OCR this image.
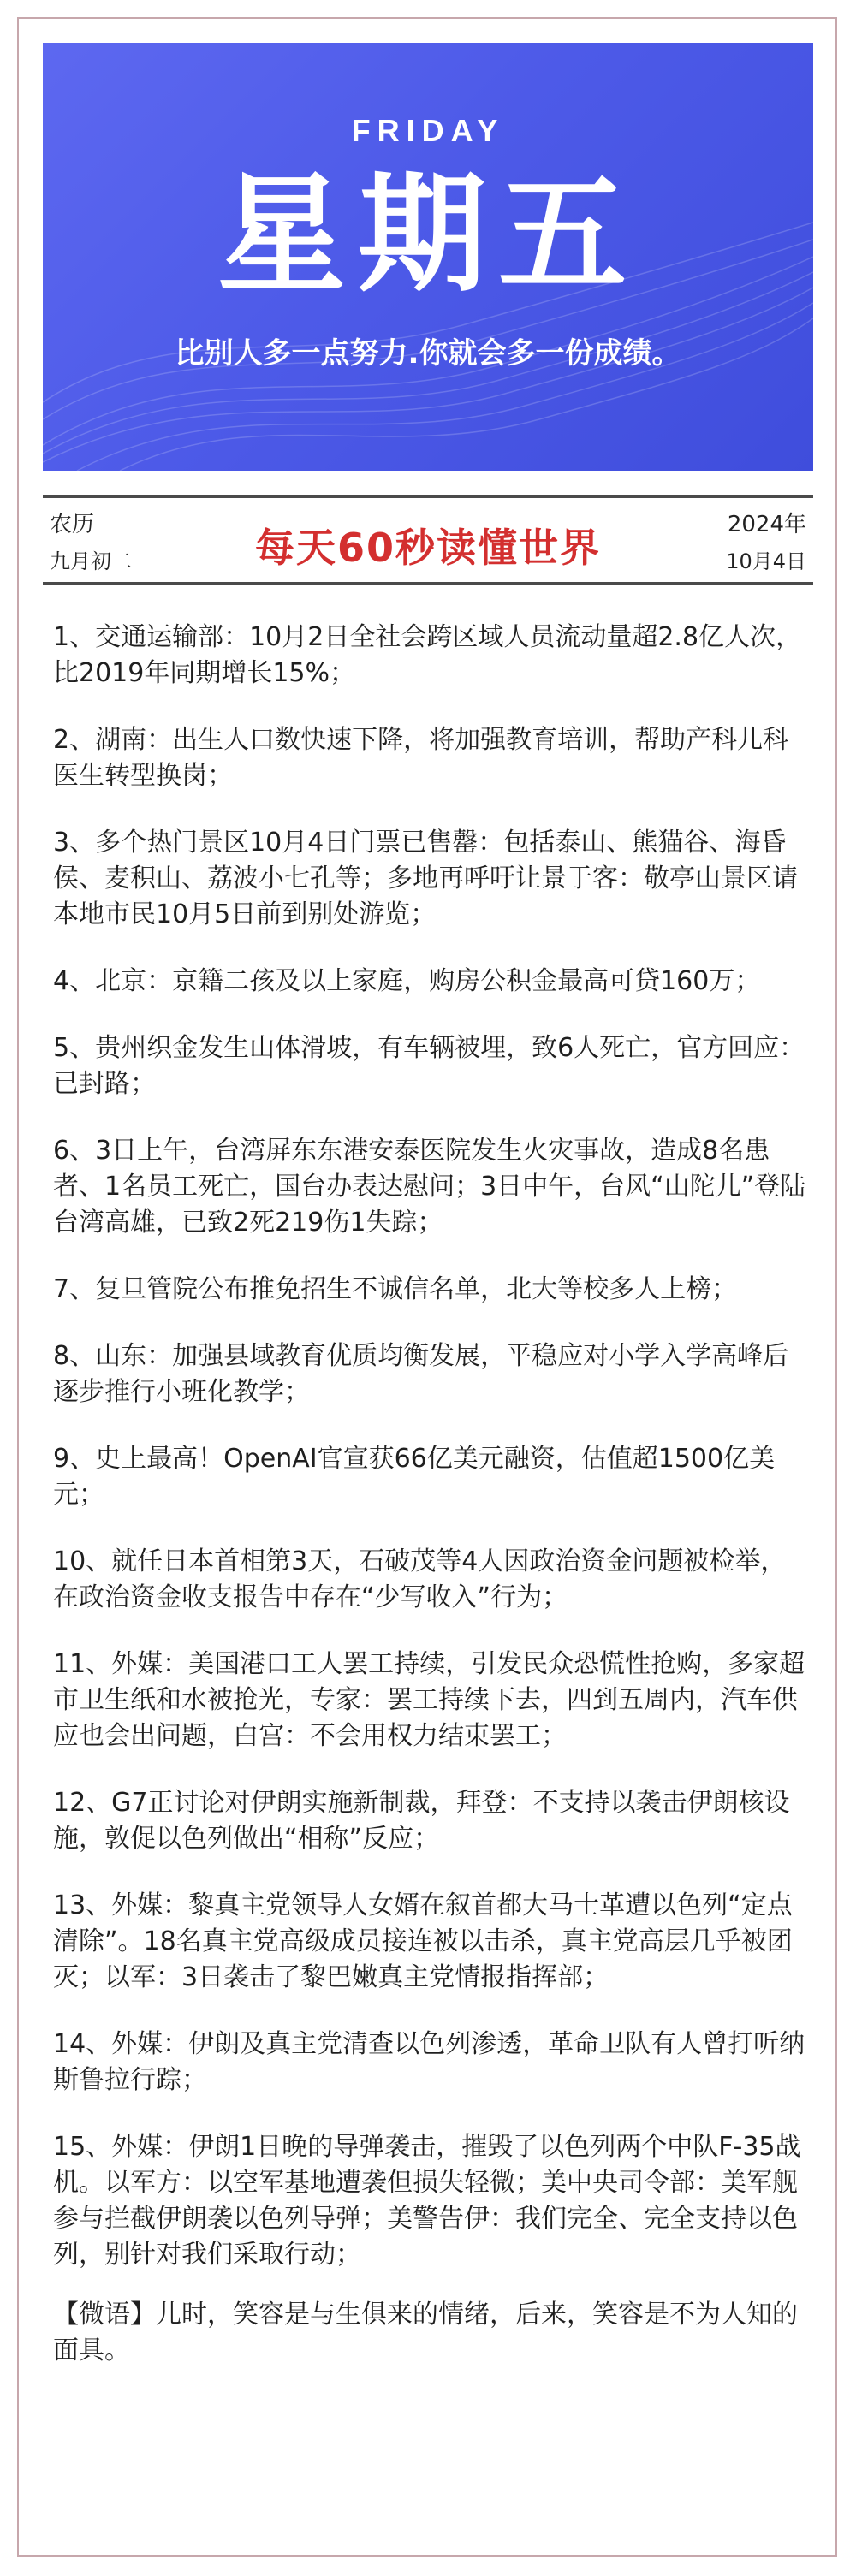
FRIDAY
星期五
比别人多一点努力.你就会多一份成绩。
农历
九月初二	每天60秒读懂世界	2024年
10月4日

1、交通运输部：10月2日全社会跨区域人员流动量超2.8亿人次，比2019年同期增长15%；

2、湖南：出生人口数快速下降，将加强教育培训，帮助产科儿科医生转型换岗；

3、多个热门景区10月4日门票已售罄：包括泰山、熊猫谷、海昏侯、麦积山、荔波小七孔等；多地再呼吁让景于客：敬亭山景区请本地市民10月5日前到别处游览；

4、北京：京籍二孩及以上家庭，购房公积金最高可贷160万；

5、贵州织金发生山体滑坡，有车辆被埋，致6人死亡，官方回应：已封路；

6、3日上午，台湾屏东东港安泰医院发生火灾事故，造成8名患者、1名员工死亡，国台办表达慰问；3日中午，台风“山陀儿”登陆台湾高雄，已致2死219伤1失踪；

7、复旦管院公布推免招生不诚信名单，北大等校多人上榜；

8、山东：加强县域教育优质均衡发展，平稳应对小学入学高峰后逐步推行小班化教学；

9、史上最高！OpenAI官宣获66亿美元融资，估值超1500亿美元；

10、就任日本首相第3天，石破茂等4人因政治资金问题被检举，在政治资金收支报告中存在“少写收入”行为；

11、外媒：美国港口工人罢工持续，引发民众恐慌性抢购，多家超市卫生纸和水被抢光，专家：罢工持续下去，四到五周内，汽车供应也会出问题，白宫：不会用权力结束罢工；

12、G7正讨论对伊朗实施新制裁，拜登：不支持以袭击伊朗核设施，敦促以色列做出“相称”反应；

13、外媒：黎真主党领导人女婿在叙首都大马士革遭以色列“定点清除”。18名真主党高级成员接连被以击杀，真主党高层几乎被团灭；以军：3日袭击了黎巴嫩真主党情报指挥部；

14、外媒：伊朗及真主党清查以色列渗透，革命卫队有人曾打听纳斯鲁拉行踪；

15、外媒：伊朗1日晚的导弹袭击，摧毁了以色列两个中队F-35战机。以军方：以空军基地遭袭但损失轻微；美中央司令部：美军舰参与拦截伊朗袭以色列导弹；美警告伊：我们完全、完全支持以色列，别针对我们采取行动；

【微语】儿时，笑容是与生俱来的情绪，后来，笑容是不为人知的面具。
